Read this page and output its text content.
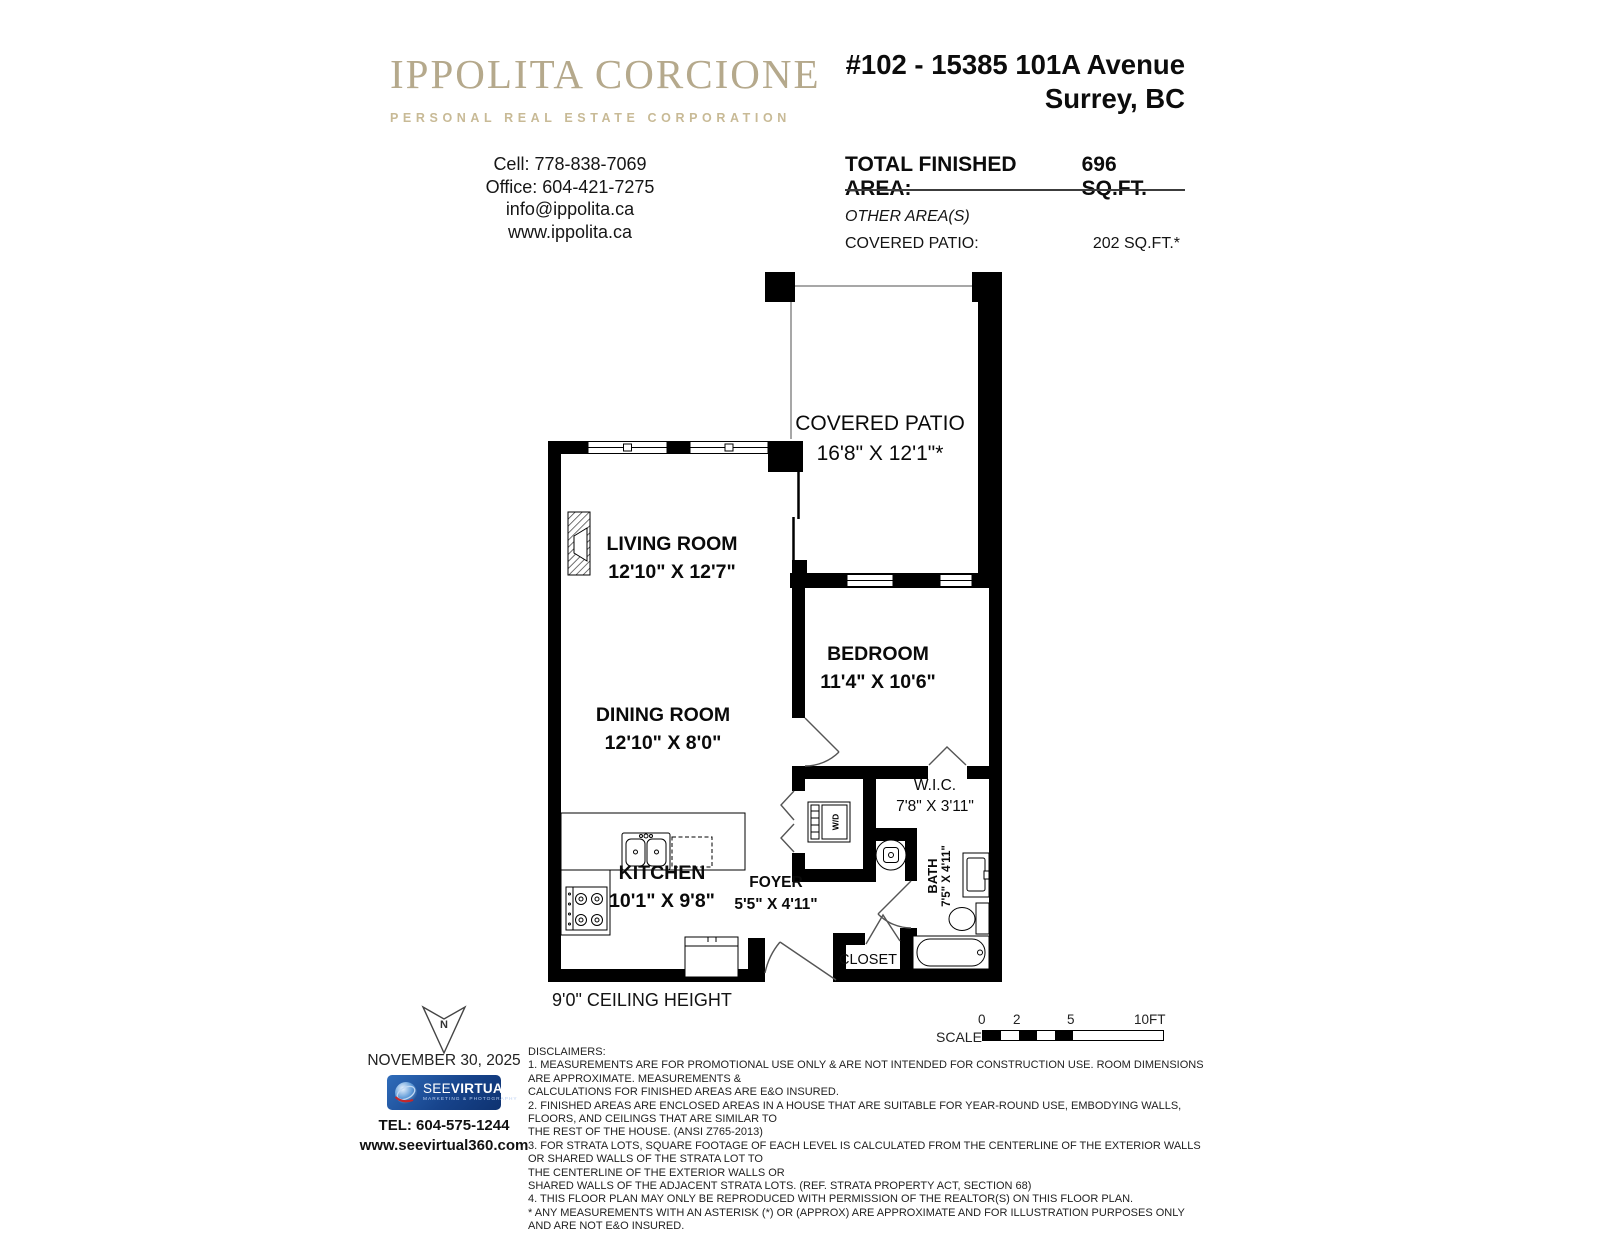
IPPOLITA CORCIONE
PERSONAL REAL ESTATE CORPORATION
Cell: 778-838-7069
Office: 604-421-7275
info@ippolita.ca
www.ippolita.ca
#102 - 15385 101A Avenue
Surrey, BC
TOTAL FINISHED AREA:
696 SQ.FT.
OTHER AREA(S)
COVERED PATIO:	202 SQ.FT.*
W/D
COVERED PATIO
16'8" X 12'1"*
LIVING ROOM
12'10" X 12'7"
DINING ROOM
12'10" X 8'0"
BEDROOM
11'4" X 10'6"
W.I.C.
7'8" X 3'11"
KITCHEN
10'1" X 9'8"
FOYER
5'5" X 4'11"
BATH 7'5" X 4'11"
CLOSET
9'0" CEILING HEIGHT
N
NOVEMBER 30, 2025
SEEVIRTUAL
MARKETING & PHOTOGRAPHY
TEL: 604-575-1244
www.seevirtual360.com
SCALE
0 2	5	10FT
DISCLAIMERS:
1. MEASUREMENTS ARE FOR PROMOTIONAL USE ONLY & ARE NOT INTENDED FOR CONSTRUCTION USE. ROOM DIMENSIONS ARE APPROXIMATE. MEASUREMENTS &
CALCULATIONS FOR FINISHED AREAS ARE E&O INSURED.
2. FINISHED AREAS ARE ENCLOSED AREAS IN A HOUSE THAT ARE SUITABLE FOR YEAR-ROUND USE, EMBODYING WALLS, FLOORS, AND CEILINGS THAT ARE SIMILAR TO
THE REST OF THE HOUSE. (ANSI Z765-2013)
3. FOR STRATA LOTS, SQUARE FOOTAGE OF EACH LEVEL IS CALCULATED FROM THE CENTERLINE OF THE EXTERIOR WALLS OR SHARED WALLS OF THE STRATA LOT TO
THE CENTERLINE OF THE EXTERIOR WALLS OR
SHARED WALLS OF THE ADJACENT STRATA LOTS. (REF. STRATA PROPERTY ACT, SECTION 68)
4. THIS FLOOR PLAN MAY ONLY BE REPRODUCED WITH PERMISSION OF THE REALTOR(S) ON THIS FLOOR PLAN.
* ANY MEASUREMENTS WITH AN ASTERISK (*) OR (APPROX) ARE APPROXIMATE AND FOR ILLUSTRATION PURPOSES ONLY AND ARE NOT E&O INSURED.
